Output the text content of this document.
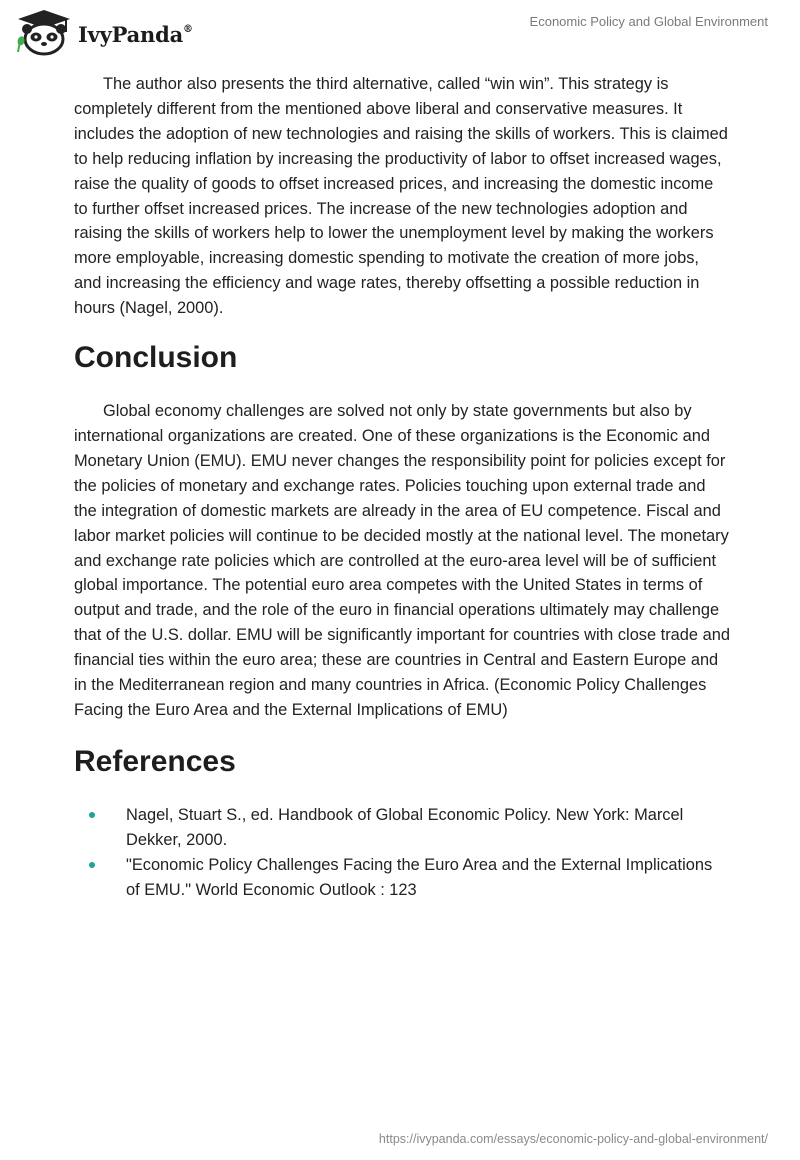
IvyPanda®	Economic Policy and Global Environment

The author also presents the third alternative, called “win win”. This strategy is completely different from the mentioned above liberal and conservative measures. It includes the adoption of new technologies and raising the skills of workers. This is claimed to help reducing inflation by increasing the productivity of labor to offset increased wages, raise the quality of goods to offset increased prices, and increasing the domestic income to further offset increased prices. The increase of the new technologies adoption and raising the skills of workers help to lower the unemployment level by making the workers more employable, increasing domestic spending to motivate the creation of more jobs, and increasing the efficiency and wage rates, thereby offsetting a possible reduction in hours (Nagel, 2000).

Conclusion

Global economy challenges are solved not only by state governments but also by international organizations are created. One of these organizations is the Economic and Monetary Union (EMU). EMU never changes the responsibility point for policies except for the policies of monetary and exchange rates. Policies touching upon external trade and the integration of domestic markets are already in the area of EU competence. Fiscal and labor market policies will continue to be decided mostly at the national level. The monetary and exchange rate policies which are controlled at the euro-area level will be of sufficient global importance. The potential euro area competes with the United States in terms of output and trade, and the role of the euro in financial operations ultimately may challenge that of the U.S. dollar. EMU will be significantly important for countries with close trade and financial ties within the euro area; these are countries in Central and Eastern Europe and in the Mediterranean region and many countries in Africa. (Economic Policy Challenges Facing the Euro Area and the External Implications of EMU)

References
Nagel, Stuart S., ed. Handbook of Global Economic Policy. New York: Marcel Dekker, 2000.
"Economic Policy Challenges Facing the Euro Area and the External Implications of EMU." World Economic Outlook : 123
https://ivypanda.com/essays/economic-policy-and-global-environment/
